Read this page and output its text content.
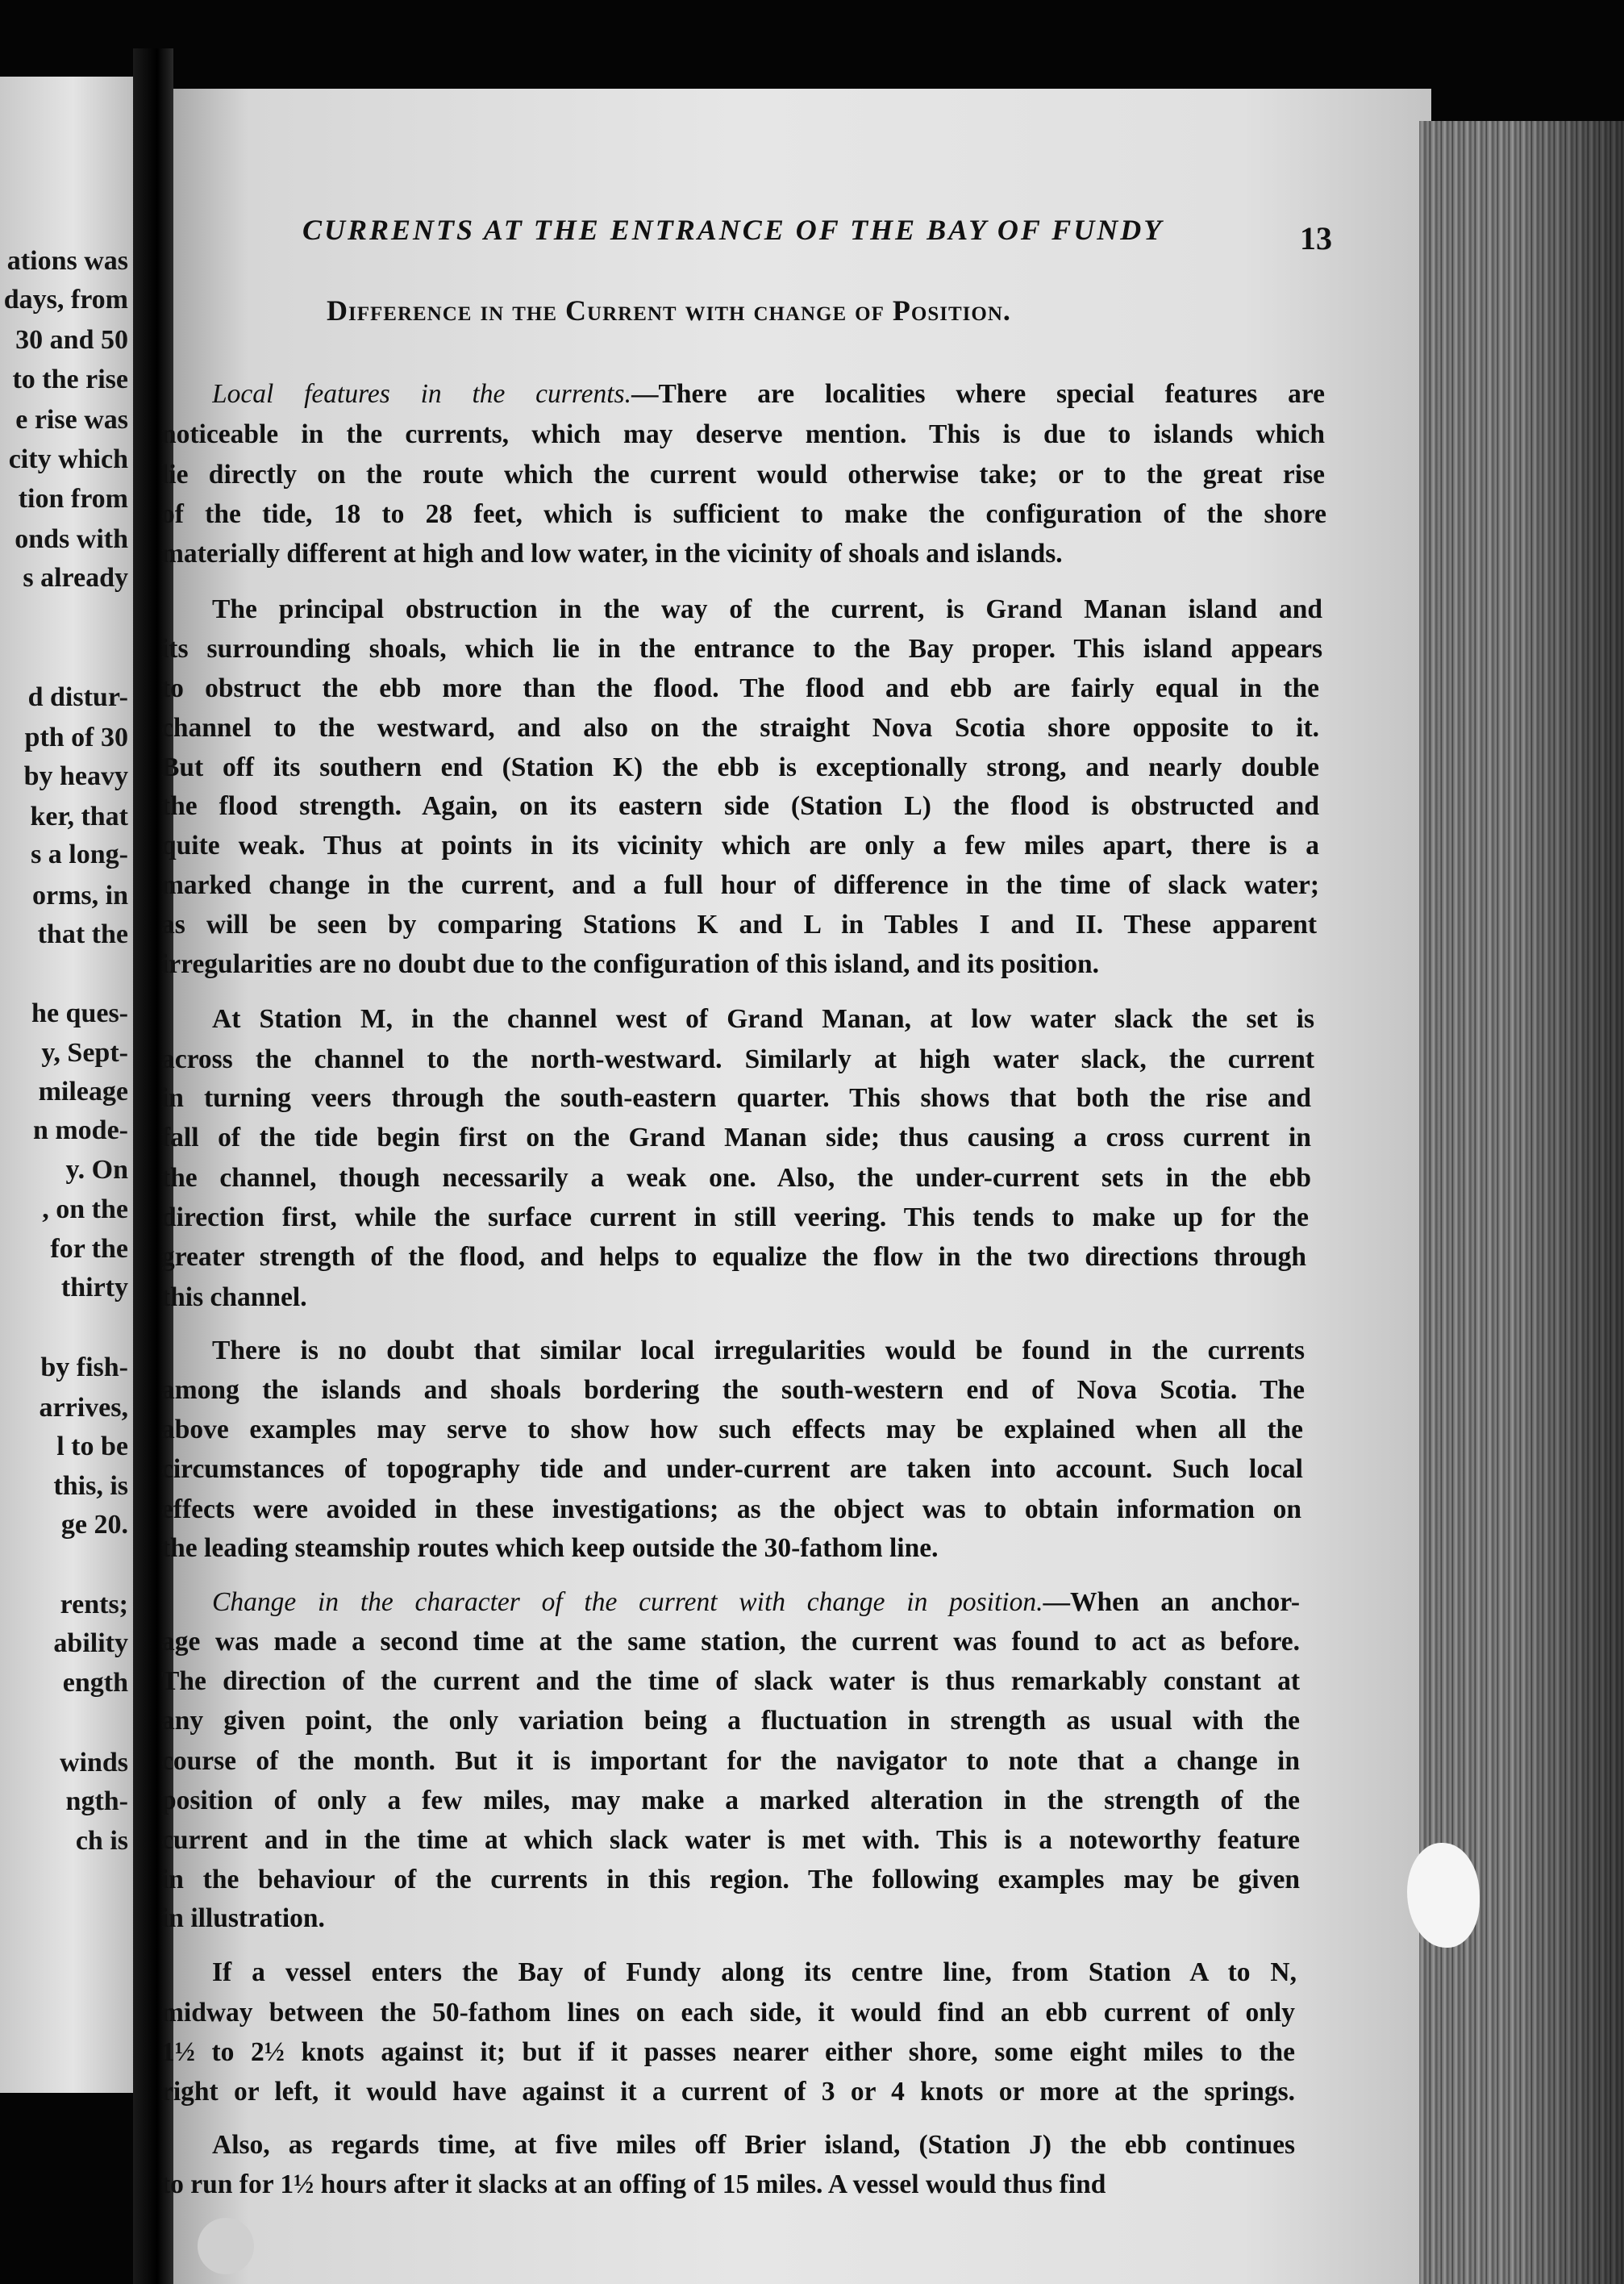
ations was
days, from
30 and 50
to the rise
e rise was
city which
tion from
onds with
s already
d distur-
pth of 30
by heavy
ker, that
s a long-
orms, in
that the
he ques-
y, Sept-
mileage
n mode-
y. On
, on the
for the
thirty
by fish-
arrives,
l to be
this, is
ge 20.
rents;
ability
ength
winds
ngth-
ch is
CURRENTS AT THE ENTRANCE OF THE BAY OF FUNDY	13
Difference in the Current with change of Position.
Local features in the currents.—There are localities where special features are
noticeable in the currents, which may deserve mention. This is due to islands which
lie directly on the route which the current would otherwise take; or to the great rise
of the tide, 18 to 28 feet, which is sufficient to make the configuration of the shore
materially different at high and low water, in the vicinity of shoals and islands.
The principal obstruction in the way of the current, is Grand Manan island and
its surrounding shoals, which lie in the entrance to the Bay proper. This island appears
to obstruct the ebb more than the flood. The flood and ebb are fairly equal in the
channel to the westward, and also on the straight Nova Scotia shore opposite to it.
But off its southern end (Station K) the ebb is exceptionally strong, and nearly double
the flood strength. Again, on its eastern side (Station L) the flood is obstructed and
quite weak. Thus at points in its vicinity which are only a few miles apart, there is a
marked change in the current, and a full hour of difference in the time of slack water;
as will be seen by comparing Stations K and L in Tables I and II. These apparent
irregularities are no doubt due to the configuration of this island, and its position.
At Station M, in the channel west of Grand Manan, at low water slack the set is
across the channel to the north-westward. Similarly at high water slack, the current
in turning veers through the south-eastern quarter. This shows that both the rise and
fall of the tide begin first on the Grand Manan side; thus causing a cross current in
the channel, though necessarily a weak one. Also, the under-current sets in the ebb
direction first, while the surface current in still veering. This tends to make up for the
greater strength of the flood, and helps to equalize the flow in the two directions through
this channel.
There is no doubt that similar local irregularities would be found in the currents
among the islands and shoals bordering the south-western end of Nova Scotia. The
above examples may serve to show how such effects may be explained when all the
circumstances of topography tide and under-current are taken into account. Such local
effects were avoided in these investigations; as the object was to obtain information on
the leading steamship routes which keep outside the 30-fathom line.
Change in the character of the current with change in position.—When an anchor-
age was made a second time at the same station, the current was found to act as before.
The direction of the current and the time of slack water is thus remarkably constant at
any given point, the only variation being a fluctuation in strength as usual with the
course of the month. But it is important for the navigator to note that a change in
position of only a few miles, may make a marked alteration in the strength of the
current and in the time at which slack water is met with. This is a noteworthy feature
in the behaviour of the currents in this region. The following examples may be given
in illustration.
If a vessel enters the Bay of Fundy along its centre line, from Station A to N,
midway between the 50-fathom lines on each side, it would find an ebb current of only
1½ to 2½ knots against it; but if it passes nearer either shore, some eight miles to the
right or left, it would have against it a current of 3 or 4 knots or more at the springs.
Also, as regards time, at five miles off Brier island, (Station J) the ebb continues
to run for 1½ hours after it slacks at an offing of 15 miles. A vessel would thus find
